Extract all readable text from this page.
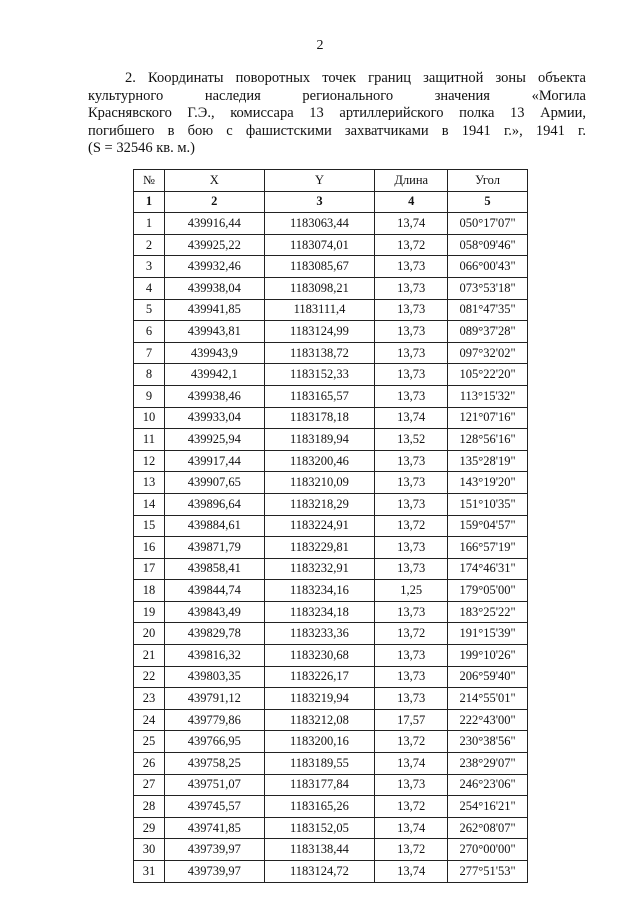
2
2. Координаты поворотных точек границ защитной зоны объекта
культурного наследия регионального значения «Могила
Краснявского Г.Э., комиссара 13 артиллерийского полка 13 Армии,
погибшего в бою с фашистскими захватчиками в 1941 г.», 1941 г.
(S = 32546 кв. м.)
№	X	Y	Длина	Угол
1	2	3	4	5
1	439916,44	1183063,44	13,74	050°17'07"
2	439925,22	1183074,01	13,72	058°09'46"
3	439932,46	1183085,67	13,73	066°00'43"
4	439938,04	1183098,21	13,73	073°53'18"
5	439941,85	1183111,4	13,73	081°47'35"
6	439943,81	1183124,99	13,73	089°37'28"
7	439943,9	1183138,72	13,73	097°32'02"
8	439942,1	1183152,33	13,73	105°22'20"
9	439938,46	1183165,57	13,73	113°15'32"
10	439933,04	1183178,18	13,74	121°07'16"
11	439925,94	1183189,94	13,52	128°56'16"
12	439917,44	1183200,46	13,73	135°28'19"
13	439907,65	1183210,09	13,73	143°19'20"
14	439896,64	1183218,29	13,73	151°10'35"
15	439884,61	1183224,91	13,72	159°04'57"
16	439871,79	1183229,81	13,73	166°57'19"
17	439858,41	1183232,91	13,73	174°46'31"
18	439844,74	1183234,16	1,25	179°05'00"
19	439843,49	1183234,18	13,73	183°25'22"
20	439829,78	1183233,36	13,72	191°15'39"
21	439816,32	1183230,68	13,73	199°10'26"
22	439803,35	1183226,17	13,73	206°59'40"
23	439791,12	1183219,94	13,73	214°55'01"
24	439779,86	1183212,08	17,57	222°43'00"
25	439766,95	1183200,16	13,72	230°38'56"
26	439758,25	1183189,55	13,74	238°29'07"
27	439751,07	1183177,84	13,73	246°23'06"
28	439745,57	1183165,26	13,72	254°16'21"
29	439741,85	1183152,05	13,74	262°08'07"
30	439739,97	1183138,44	13,72	270°00'00"
31	439739,97	1183124,72	13,74	277°51'53"
